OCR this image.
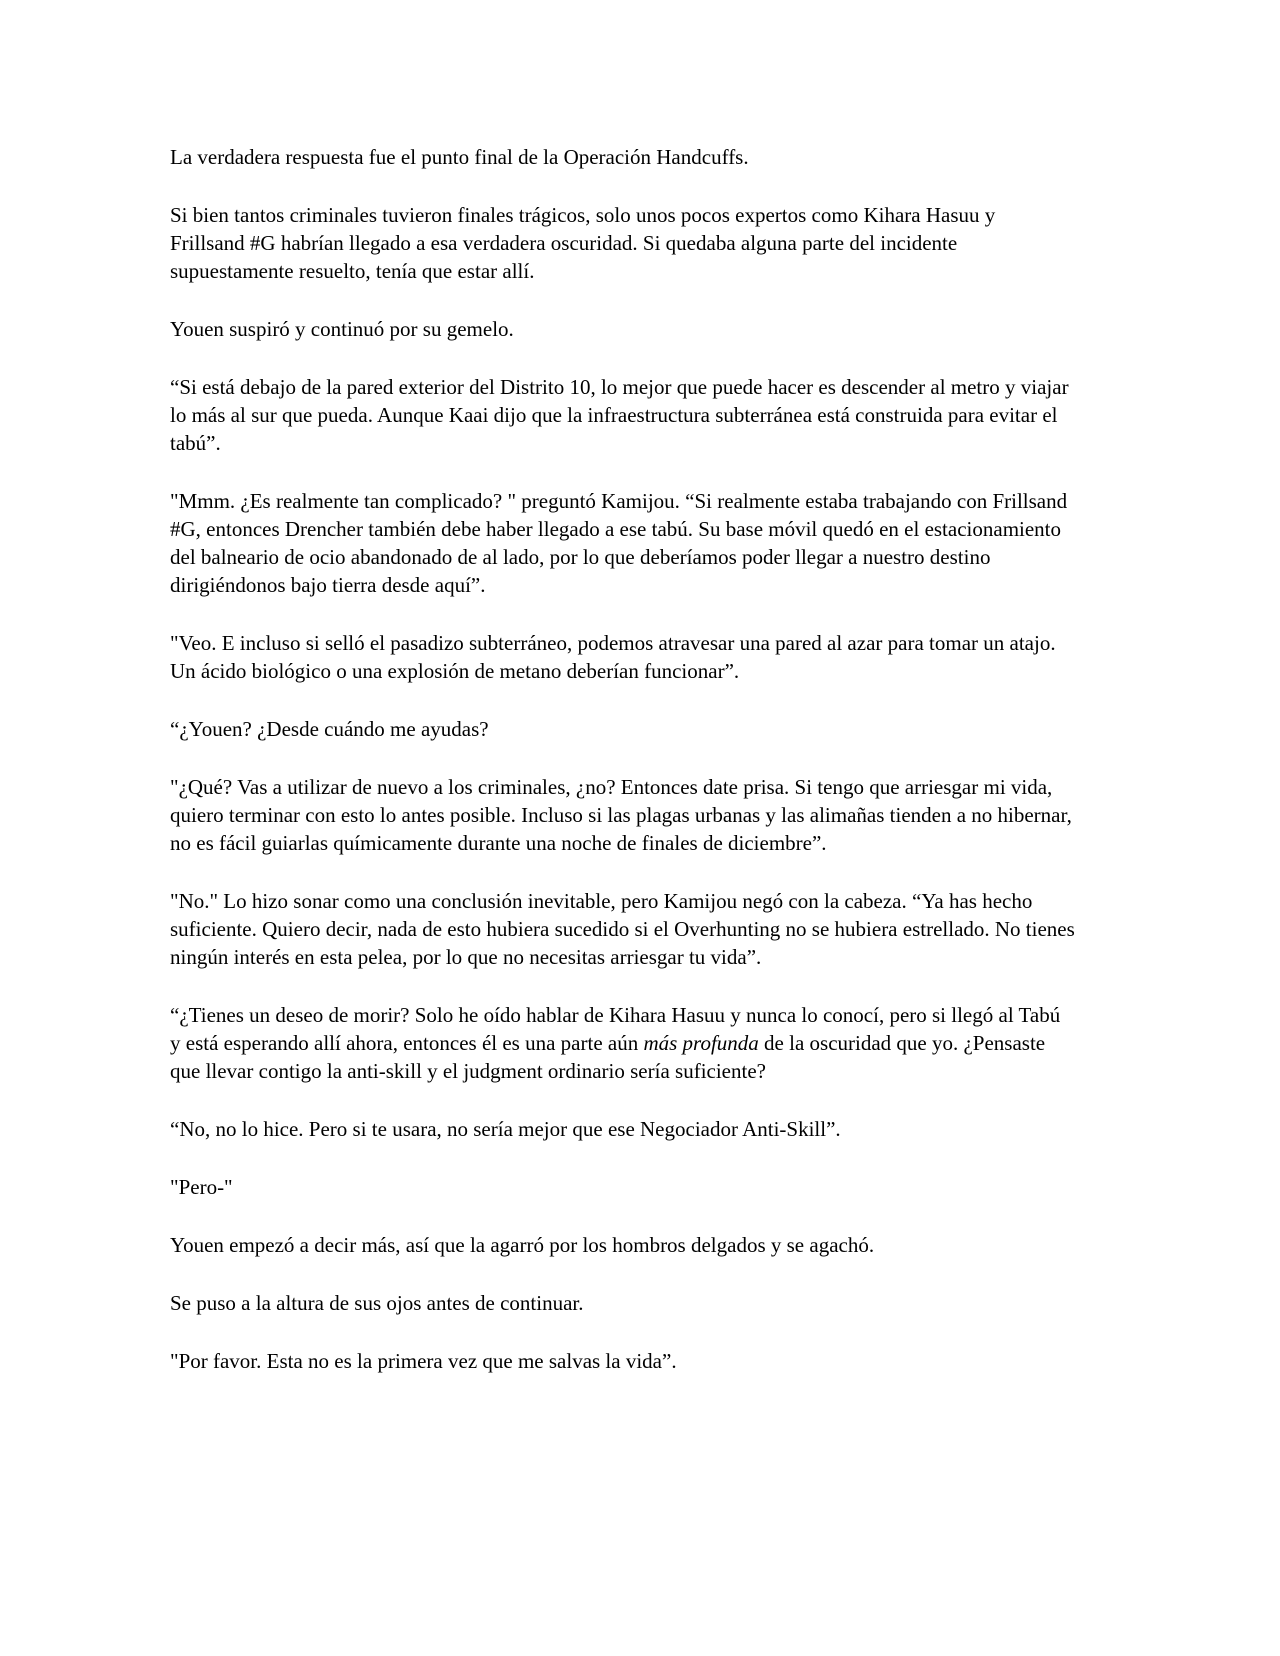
La verdadera respuesta fue el punto final de la Operación Handcuffs.

Si bien tantos criminales tuvieron finales trágicos, solo unos pocos expertos como Kihara Hasuu y Frillsand #G habrían llegado a esa verdadera oscuridad. Si quedaba alguna parte del incidente supuestamente resuelto, tenía que estar allí.

Youen suspiró y continuó por su gemelo.

“Si está debajo de la pared exterior del Distrito 10, lo mejor que puede hacer es descender al metro y viajar lo más al sur que pueda. Aunque Kaai dijo que la infraestructura subterránea está construida para evitar el tabú”.

"Mmm. ¿Es realmente tan complicado? " preguntó Kamijou. “Si realmente estaba trabajando con Frillsand #G, entonces Drencher también debe haber llegado a ese tabú. Su base móvil quedó en el estacionamiento del balneario de ocio abandonado de al lado, por lo que deberíamos poder llegar a nuestro destino dirigiéndonos bajo tierra desde aquí”.

"Veo. E incluso si selló el pasadizo subterráneo, podemos atravesar una pared al azar para tomar un atajo. Un ácido biológico o una explosión de metano deberían funcionar”.

“¿Youen? ¿Desde cuándo me ayudas?

"¿Qué? Vas a utilizar de nuevo a los criminales, ¿no? Entonces date prisa. Si tengo que arriesgar mi vida, quiero terminar con esto lo antes posible. Incluso si las plagas urbanas y las alimañas tienden a no hibernar, no es fácil guiarlas químicamente durante una noche de finales de diciembre”.

"No." Lo hizo sonar como una conclusión inevitable, pero Kamijou negó con la cabeza. “Ya has hecho suficiente. Quiero decir, nada de esto hubiera sucedido si el Overhunting no se hubiera estrellado. No tienes ningún interés en esta pelea, por lo que no necesitas arriesgar tu vida”.

“¿Tienes un deseo de morir? Solo he oído hablar de Kihara Hasuu y nunca lo conocí, pero si llegó al Tabú y está esperando allí ahora, entonces él es una parte aún más profunda de la oscuridad que yo. ¿Pensaste que llevar contigo la anti-skill y el judgment ordinario sería suficiente?

“No, no lo hice. Pero si te usara, no sería mejor que ese Negociador Anti-Skill”.

"Pero-"

Youen empezó a decir más, así que la agarró por los hombros delgados y se agachó.

Se puso a la altura de sus ojos antes de continuar.

"Por favor. Esta no es la primera vez que me salvas la vida”.
